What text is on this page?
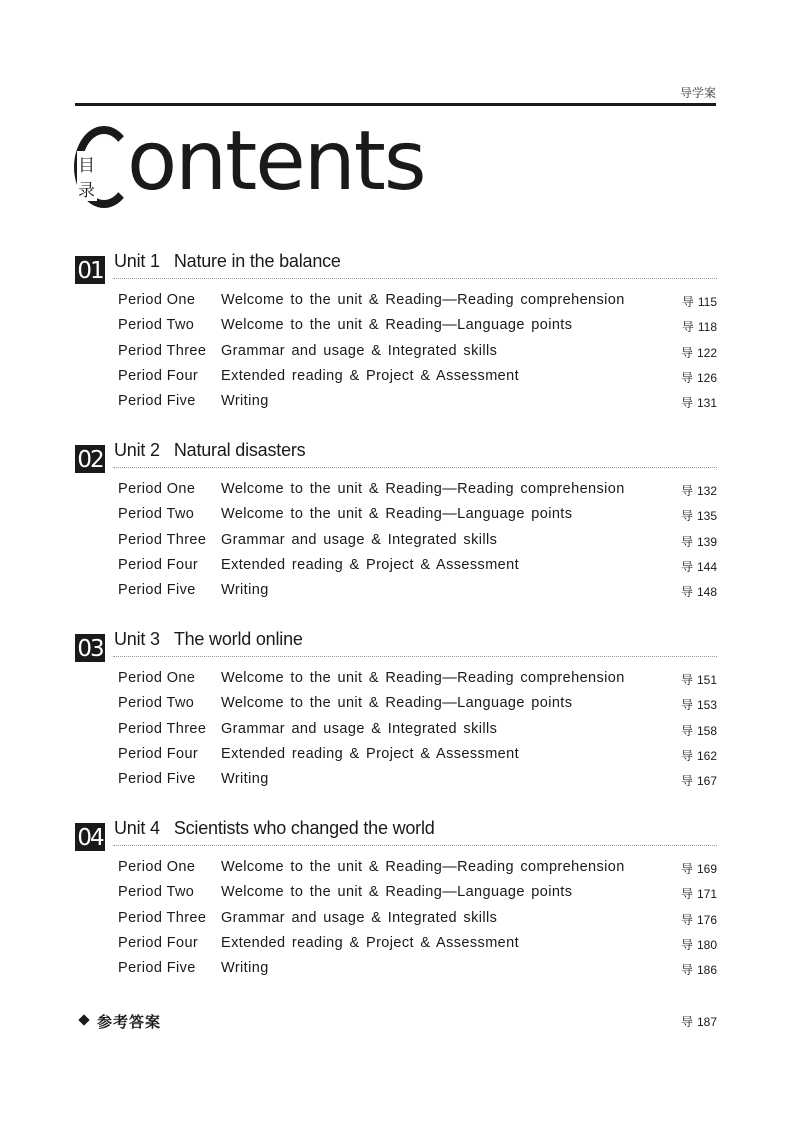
导学案
目录 ontents
01 Unit 1 Nature in the balance
Period One Welcome to the unit & Reading—Reading comprehension	导 115
Period Two Welcome to the unit & Reading—Language points	导 118
Period Three Grammar and usage & Integrated skills	导 122
Period Four Extended reading & Project & Assessment	导 126
Period Five Writing	导 131
02 Unit 2 Natural disasters
Period One Welcome to the unit & Reading—Reading comprehension	导 132
Period Two Welcome to the unit & Reading—Language points	导 135
Period Three Grammar and usage & Integrated skills	导 139
Period Four Extended reading & Project & Assessment	导 144
Period Five Writing	导 148
03 Unit 3 The world online
Period One Welcome to the unit & Reading—Reading comprehension	导 151
Period Two Welcome to the unit & Reading—Language points	导 153
Period Three Grammar and usage & Integrated skills	导 158
Period Four Extended reading & Project & Assessment	导 162
Period Five Writing	导 167
04 Unit 4 Scientists who changed the world
Period One Welcome to the unit & Reading—Reading comprehension	导 169
Period Two Welcome to the unit & Reading—Language points	导 171
Period Three Grammar and usage & Integrated skills	导 176
Period Four Extended reading & Project & Assessment	导 180
Period Five Writing	导 186
参考答案	导 187
